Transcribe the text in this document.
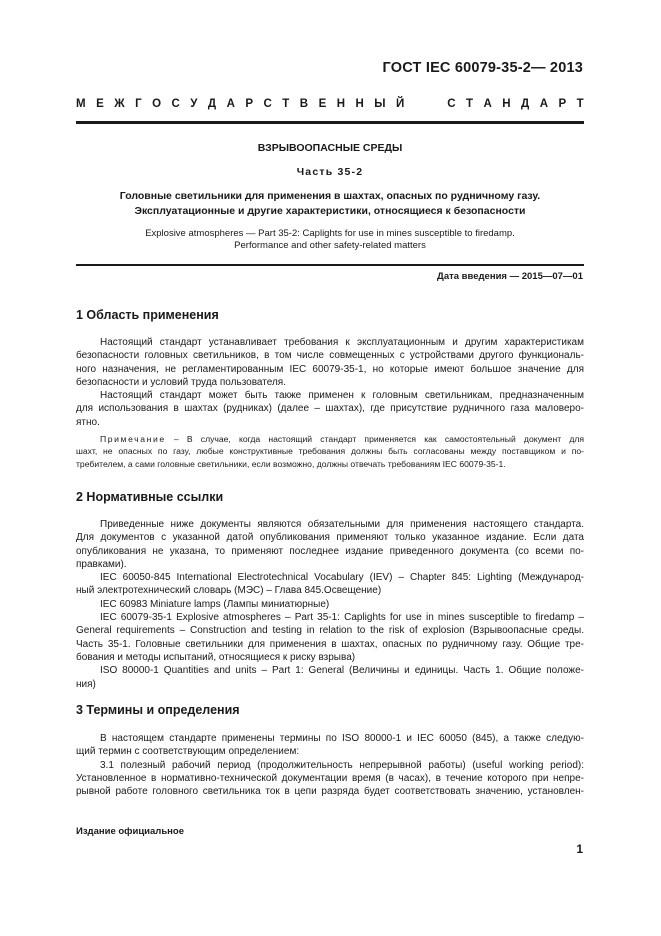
ГОСТ IEC 60079-35-2— 2013
М Е Ж Г О С У Д А Р С Т В Е Н Н Ы Й	С Т А Н Д А Р Т
ВЗРЫВООПАСНЫЕ СРЕДЫ
Часть 35-2
Головные светильники для применения в шахтах, опасных по рудничному газу.
Эксплуатационные и другие характеристики, относящиеся к безопасности
Explosive atmospheres — Part 35-2: Caplights for use in mines susceptible to firedamp.
Performance and other safety-related matters
Дата введения — 2015—07—01
1 Область применения
Настоящий стандарт устанавливает требования к эксплуатационным и другим характеристикам
безопасности головных светильников, в том числе совмещенных с устройствами другого функциональ-
ного назначения, не регламентированным IEC 60079-35-1, но которые имеют большое значение для
безопасности и условий труда пользователя.
Настоящий стандарт может быть также применен к головным светильникам, предназначенным
для использования в шахтах (рудниках) (далее – шахтах), где присутствие рудничного газа маловеро-
ятно.
Примечание – В случае, когда настоящий стандарт применяется как самостоятельный документ для
шахт, не опасных по газу, любые конструктивные требования должны быть согласованы между поставщиком и по-
требителем, а сами головные светильники, если возможно, должны отвечать требованиям IEC 60079-35-1.
2 Нормативные ссылки
Приведенные ниже документы являются обязательными для применения настоящего стандарта.
Для документов с указанной датой опубликования применяют только указанное издание. Если дата
опубликования не указана, то применяют последнее издание приведенного документа (со всеми по-
правками).
IEC 60050-845 International Electrotechnical Vocabulary (IEV) – Chapter 845: Lighting (Международ-
ный электротехнический словарь (МЭС) – Глава 845.Освещение)
IEC 60983 Miniature lamps (Лампы миниатюрные)
IEC 60079-35-1 Explosive atmospheres – Part 35-1: Caplights for use in mines susceptible to firedamp –
General requirements – Construction and testing in relation to the risk of explosion (Взрывоопасные среды.
Часть 35-1. Головные светильники для применения в шахтах, опасных по рудничному газу. Общие тре-
бования и методы испытаний, относящиеся к риску взрыва)
ISO 80000-1 Quantities and units – Part 1: General (Величины и единицы. Часть 1. Общие положе-
ния)
3 Термины и определения
В настоящем стандарте применены термины по ISO 80000-1 и IEC 60050 (845), а также следую-
щий термин с соответствующим определением:
3.1 полезный рабочий период (продолжительность непрерывной работы) (useful working period):
Установленное в нормативно-технической документации время (в часах), в течение которого при непре-
рывной работе головного светильника ток в цепи разряда будет соответствовать значению, установлен-
Издание официальное
1
